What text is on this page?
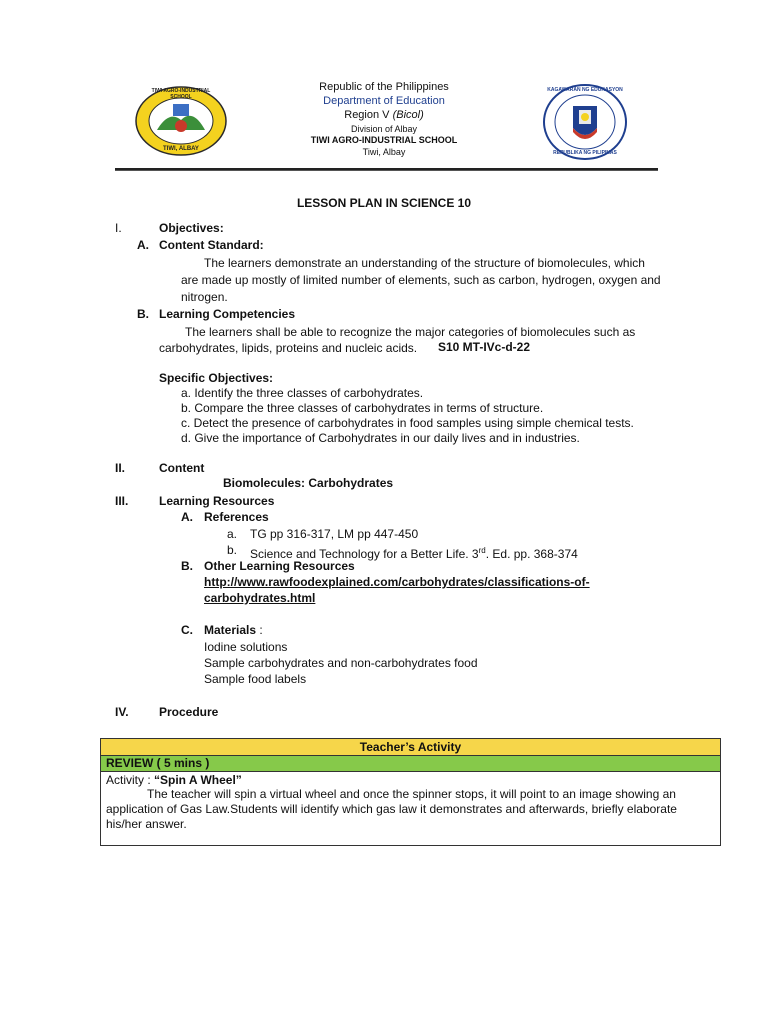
TIWI AGRO-INDUSTRIAL SCHOOL
TIWI, ALBAY
KAGAWARAN NG EDUKASYON
REPUBLIKA NG PILIPINAS
Republic of the Philippines
Department of Education
Region V (Bicol)
Division of Albay
TIWI AGRO-INDUSTRIAL SCHOOL
Tiwi, Albay
LESSON PLAN IN SCIENCE 10
I.	Objectives:
A. Content Standard:
The learners demonstrate an understanding of the structure of biomolecules, which
are made up mostly of limited number of elements, such as carbon, hydrogen, oxygen and
nitrogen.
B. Learning Competencies
The learners shall be able to recognize the major categories of biomolecules such as
carbohydrates, lipids, proteins and nucleic acids. S10 MT-IVc-d-22
Specific Objectives:
a. Identify the three classes of carbohydrates.
b. Compare the three classes of carbohydrates in terms of structure.
c. Detect the presence of carbohydrates in food samples using simple chemical tests.
d. Give the importance of Carbohydrates in our daily lives and in industries.
II.	Content
Biomolecules: Carbohydrates
III.	Learning Resources
A. References
a. TG pp 316-317, LM pp 447-450
b. Science and Technology for a Better Life. 3rd. Ed. pp. 368-374
B. Other Learning Resources
http://www.rawfoodexplained.com/carbohydrates/classifications-of-
carbohydrates.html
C. Materials :
Iodine solutions
Sample carbohydrates and non-carbohydrates food
Sample food labels
IV.	Procedure
Teacher’s Activity
REVIEW ( 5 mins )
Activity : “Spin A Wheel”
The teacher will spin a virtual wheel and once the spinner stops, it will point to an image showing an
application of Gas Law.Students will identify which gas law it demonstrates and afterwards, briefly elaborate
his/her answer.
